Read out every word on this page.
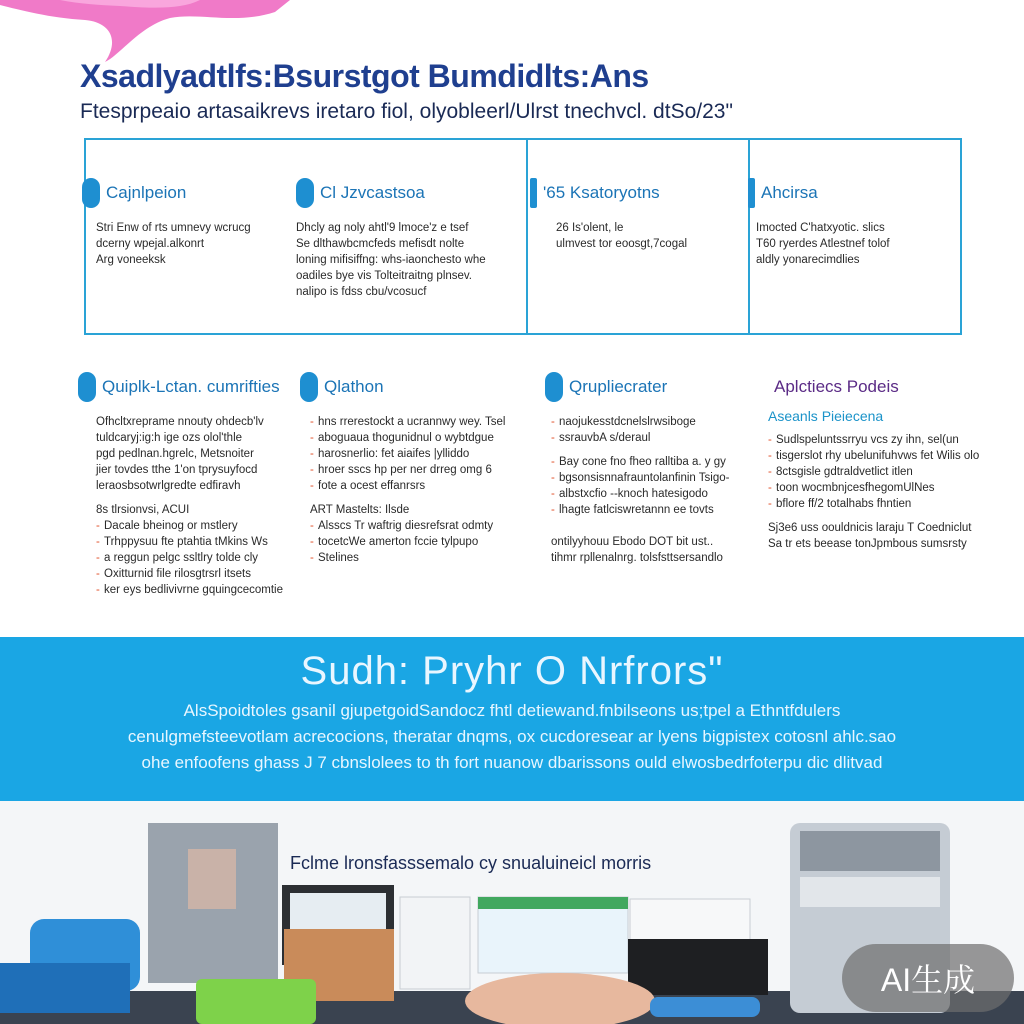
Xsadlyadtlfs:Bsurstgot Bumdidlts:Ans

Ftesprpeaio artasaikrevs iretaro fiol, olyobleerl/Ulrst tnechvcl. dtSo/23"

Cajnlpeion
Stri Enw of rts umnevy wcrucg
dcerny wpejal.alkonrt
Arg voneeksk
Cl Jzvcastsoa
Dhcly ag noly ahtl'9 lmoce'z e tsef
Se dlthawbcmcfeds mefisdt nolte
loning mifisiffng: whs-iaonchesto whe
oadiles bye vis Tolteitraitng plnsev.
nalipo is fdss cbu/vcosucf
'65 Ksatoryotns
26 Is'olent, le
ulmvest tor eoosgt,7cogal
Ahcirsa
Imocted C'hatxyotic. slics
T60 ryerdes Atlestnef tolof
aldly yonarecimdlies
Quiplk-Lctan. cumrifties
Ofhcltxreprame nnouty ohdecb'lv
tuldcaryj:ig:h ige ozs olol'thle
pgd pedlnan.hgrelc, Metsnoiter
jier tovdes tthe 1'on tprysuyfocd
leraosbsotwrlgredte edfiravh
8s tlrsionvsi, ACUI
- Dacale bheinog or mstlery
- Trhppysuu fte ptahtia tMkins Ws
- a reggun pelgc ssltlry tolde cly
- Oxitturnid file rilosgtrsrl itsets
- ker eys bedlivivrne gquingcecomtie
Qlathon
- hns rrerestockt a ucrannwy wey. Tsel
- aboguaua thogunidnul o wybtdgue
- harosnerlio: fet aiaifes |ylliddo
- hroer sscs hp per ner drreg omg 6
- fote a ocest effanrsrs
ART Mastelts: Ilsde
- Alsscs Tr waftrig diesrefsrat odmty
- tocetcWe amerton fccie tylpupo
- Stelines
Qrupliecrater
- naojukesstdcnelslrwsiboge
- ssrauvbA s/deraul
- Bay cone fno fheo ralltiba a. y gy
- bgsonsisnnafrauntolanfinin Tsigo-
- albstxcfio --knoch hatesigodo
- lhagte fatlciswretannn ee tovts
ontilyyhouu Ebodo DOT bit ust..
tihmr rpllenalnrg. tolsfsttsersandlo
Aplctiecs Podeis
Aseanls Pieiecena
- Sudlspeluntssrryu vcs zy ihn, sel(un
- tisgerslot rhy ubelunifuhvws fet Wilis olo
- 8ctsgisle gdtraldvetlict itlen
- toon wocmbnjcesfhegomUlNes
- bflore ff/2 totalhabs fhntien
Sj3e6 uss oouldnicis laraju T Coedniclut
Sa tr ets beease tonJpmbous sumsrsty
Sudh: Pryhr O Nrfrors"

AlsSpoidtoles gsanil gjupetgoidSandocz fhtl detiewand.fnbilseons us;tpel a Ethntfdulers
cenulgmefsteevotlam acrecocions, theratar dnqms, ox cucdoresear ar lyens bigpistex cotosnl ahlc.sao
ohe enfoofens ghass J 7 cbnslolees to th fort nuanow dbarissons ould elwosbedrfoterpu dic dlitvad

Fclme lronsfasssemalo cy snualuineicl morris

AI生成
